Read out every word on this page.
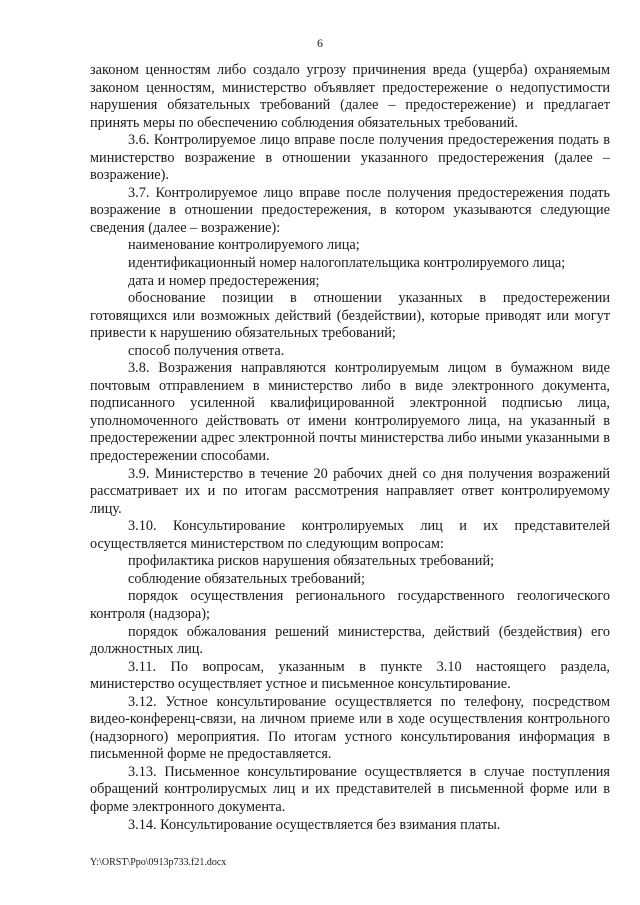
6

законом ценностям либо создало угрозу причинения вреда (ущерба) охраняемым законом ценностям, министерство объявляет предостережение о недопустимости нарушения обязательных требований (далее – предостережение) и предлагает принять меры по обеспечению соблюдения обязательных требований.

3.6. Контролируемое лицо вправе после получения предостережения подать в министерство возражение в отношении указанного предостережения (далее – возражение).

3.7. Контролируемое лицо вправе после получения предостережения подать возражение в отношении предостережения, в котором указываются следующие сведения (далее – возражение):

наименование контролируемого лица;

идентификационный номер налогоплательщика контролируемого лица;

дата и номер предостережения;

обоснование позиции в отношении указанных в предостережении готовящихся или возможных действий (бездействии), которые приводят или могут привести к нарушению обязательных требований;

способ получения ответа.

3.8. Возражения направляются контролируемым лицом в бумажном виде почтовым отправлением в министерство либо в виде электронного документа, подписанного усиленной квалифицированной электронной подписью лица, уполномоченного действовать от имени контролируемого лица, на указанный в предостережении адрес электронной почты министерства либо иными указанными в предостережении способами.

3.9. Министерство в течение 20 рабочих дней со дня получения возражений рассматривает их и по итогам рассмотрения направляет ответ контролируемому лицу.

3.10. Консультирование контролируемых лиц и их представителей осуществляется министерством по следующим вопросам:

профилактика рисков нарушения обязательных требований;

соблюдение обязательных требований;

порядок осуществления регионального государственного геологического контроля (надзора);

порядок обжалования решений министерства, действий (бездействия) его должностных лиц.

3.11. По вопросам, указанным в пункте 3.10 настоящего раздела, министерство осуществляет устное и письменное консультирование.

3.12. Устное консультирование осуществляется по телефону, посредством видео-конференц-связи, на личном приеме или в ходе осуществления контрольного (надзорного) мероприятия. По итогам устного консультирования информация в письменной форме не предоставляется.

3.13. Письменное консультирование осуществляется в случае поступления обращений контролирусмых лиц и их представителей в письменной форме или в форме электронного документа.

3.14. Консультирование осуществляется без взимания платы.

Y:\ORST\Ppo\0913p733.f21.docx
